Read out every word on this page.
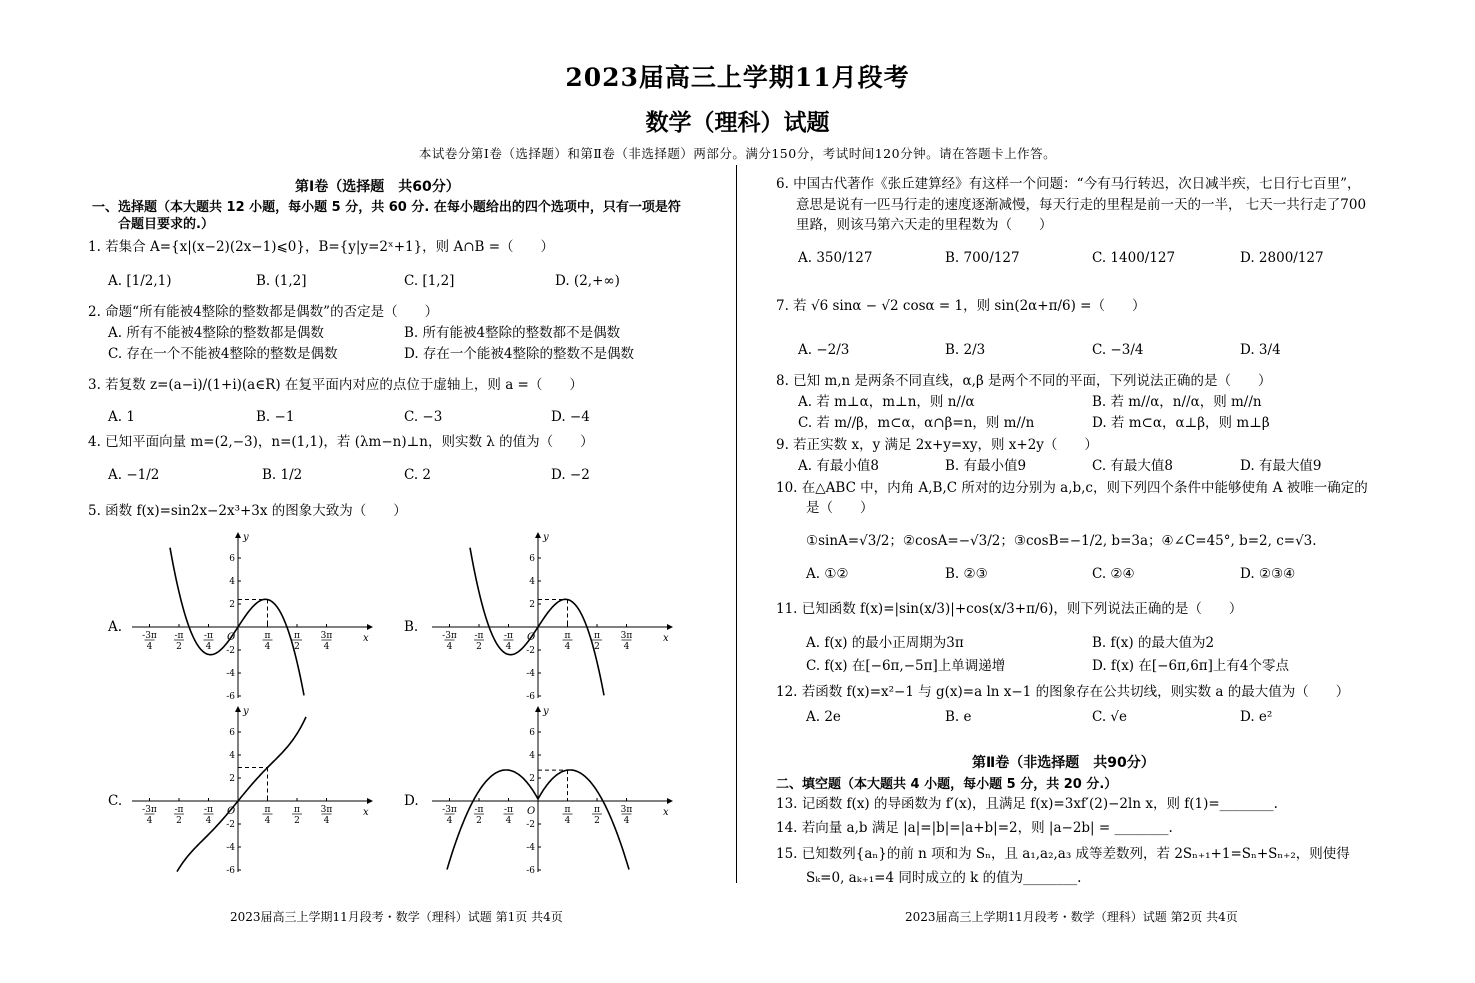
2023届高三上学期11月段考
数学（理科）试题
本试卷分第Ⅰ卷（选择题）和第Ⅱ卷（非选择题）两部分。满分150分，考试时间120分钟。请在答题卡上作答。
第Ⅰ卷（选择题　共60分）
一、选择题（本大题共 12 小题，每小题 5 分，共 60 分. 在每小题给出的四个选项中，只有一项是符
合题目要求的.）
1. 若集合 A={x|(x−2)(2x−1)⩽0}，B={y|y=2ˣ+1}，则 A∩B =（　　）
A. [1/2,1)	B. (1,2]	C. [1,2]	D. (2,+∞)
2. 命题“所有能被4整除的整数都是偶数”的否定是（　　）
A. 所有不能被4整除的整数都是偶数	B. 所有能被4整除的整数都不是偶数
C. 存在一个不能被4整除的整数是偶数	D. 存在一个能被4整除的整数不是偶数
3. 若复数 z=(a−i)/(1+i)(a∈R) 在复平面内对应的点位于虚轴上，则 a =（　　）
A. 1	B. −1	C. −3	D. −4
4. 已知平面向量 m=(2,−3)，n=(1,1)，若 (λm−n)⊥n，则实数 λ 的值为（　　）
A. −1/2	B. 1/2	C. 2	D. −2
5. 函数 f(x)=sin2x−2x³+3x 的图象大致为（　　）
A.	B.
C.	D.
x
y
O
-3π
4
-π
2
-π
4
π
4
π
2
3π
4
6
4
2
-2
-4
-6
x
y
O
-3π
4
-π
2
-π
4
π
4
π
2
3π
4
6
4
2
-2
-4
-6
x
y
O
-3π
4
-π
2
-π
4
π
4
π
2
3π
4
6
4
2
-2
-4
-6
x
y
O
-3π
4
-π
2
-π
4
π
4
π
2
3π
4
6
4
2
-2
-4
-6
2023届高三上学期11月段考・数学（理科）试题 第1页 共4页
6. 中国古代著作《张丘建算经》有这样一个问题：“今有马行转迟，次日减半疾，七日行七百里”，
意思是说有一匹马行走的速度逐渐减慢，每天行走的里程是前一天的一半， 七天一共行走了700
里路，则该马第六天走的里程数为（　　）
A. 350/127	B. 700/127	C. 1400/127	D. 2800/127
7. 若 √6 sinα − √2 cosα = 1，则 sin(2α+π/6) =（　　）
A. −2/3	B. 2/3	C. −3/4	D. 3/4
8. 已知 m,n 是两条不同直线，α,β 是两个不同的平面，下列说法正确的是（　　）
A. 若 m⊥α，m⊥n，则 n//α	B. 若 m//α，n//α，则 m//n
C. 若 m//β，m⊂α，α∩β=n，则 m//n	D. 若 m⊂α，α⊥β，则 m⊥β
9. 若正实数 x，y 满足 2x+y=xy，则 x+2y（　　）
A. 有最小值8	B. 有最小值9	C. 有最大值8	D. 有最大值9
10. 在△ABC 中，内角 A,B,C 所对的边分别为 a,b,c，则下列四个条件中能够使角 A 被唯一确定的
是（　　）
①sinA=√3/2；②cosA=−√3/2；③cosB=−1/2, b=3a；④∠C=45°, b=2, c=√3.
A. ①②	B. ②③	C. ②④	D. ②③④
11. 已知函数 f(x)=|sin(x/3)|+cos(x/3+π/6)，则下列说法正确的是（　　）
A. f(x) 的最小正周期为3π	B. f(x) 的最大值为2
C. f(x) 在[−6π,−5π]上单调递增	D. f(x) 在[−6π,6π]上有4个零点
12. 若函数 f(x)=x²−1 与 g(x)=a ln x−1 的图象存在公共切线，则实数 a 的最大值为（　　）
A. 2e	B. e	C. √e	D. e²
第Ⅱ卷（非选择题　共90分）
二、填空题（本大题共 4 小题，每小题 5 分，共 20 分.）
13. 记函数 f(x) 的导函数为 f′(x)，且满足 f(x)=3xf′(2)−2ln x，则 f(1)=________.
14. 若向量 a,b 满足 |a|=|b|=|a+b|=2，则 |a−2b| = ________.
15. 已知数列{aₙ}的前 n 项和为 Sₙ，且 a₁,a₂,a₃ 成等差数列，若 2Sₙ₊₁+1=Sₙ+Sₙ₊₂，则使得
Sₖ=0, aₖ₊₁=4 同时成立的 k 的值为________.
2023届高三上学期11月段考・数学（理科）试题 第2页 共4页
